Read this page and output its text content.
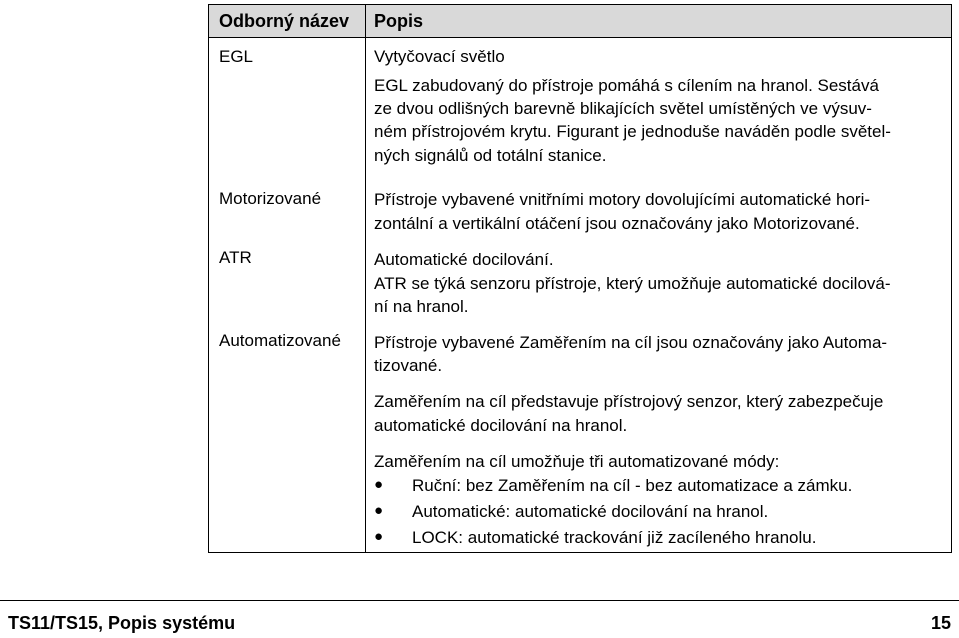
Odborný název	Popis
EGL
Motorizované
ATR
Automatizované
Vytyčovací světlo
EGL zabudovaný do přístroje pomáhá s cílením na hranol. Sestává
ze dvou odlišných barevně blikajících světel umístěných ve výsuv-
ném přístrojovém krytu. Figurant je jednoduše naváděn podle světel-
ných signálů od totální stanice.
Přístroje vybavené vnitřními motory dovolujícími automatické hori-
zontální a vertikální otáčení jsou označovány jako Motorizované.
Automatické docilování.
ATR se týká senzoru přístroje, který umožňuje automatické docilová-
ní na hranol.
Přístroje vybavené Zaměřením na cíl jsou označovány jako Automa-
tizované.
Zaměřením na cíl představuje přístrojový senzor, který zabezpečuje
automatické docilování na hranol.
Zaměřením na cíl umožňuje tři automatizované módy:
● Ruční: bez Zaměřením na cíl - bez automatizace a zámku.
● Automatické: automatické docilování na hranol.
● LOCK: automatické trackování již zacíleného hranolu.
TS11/TS15, Popis systému	15
